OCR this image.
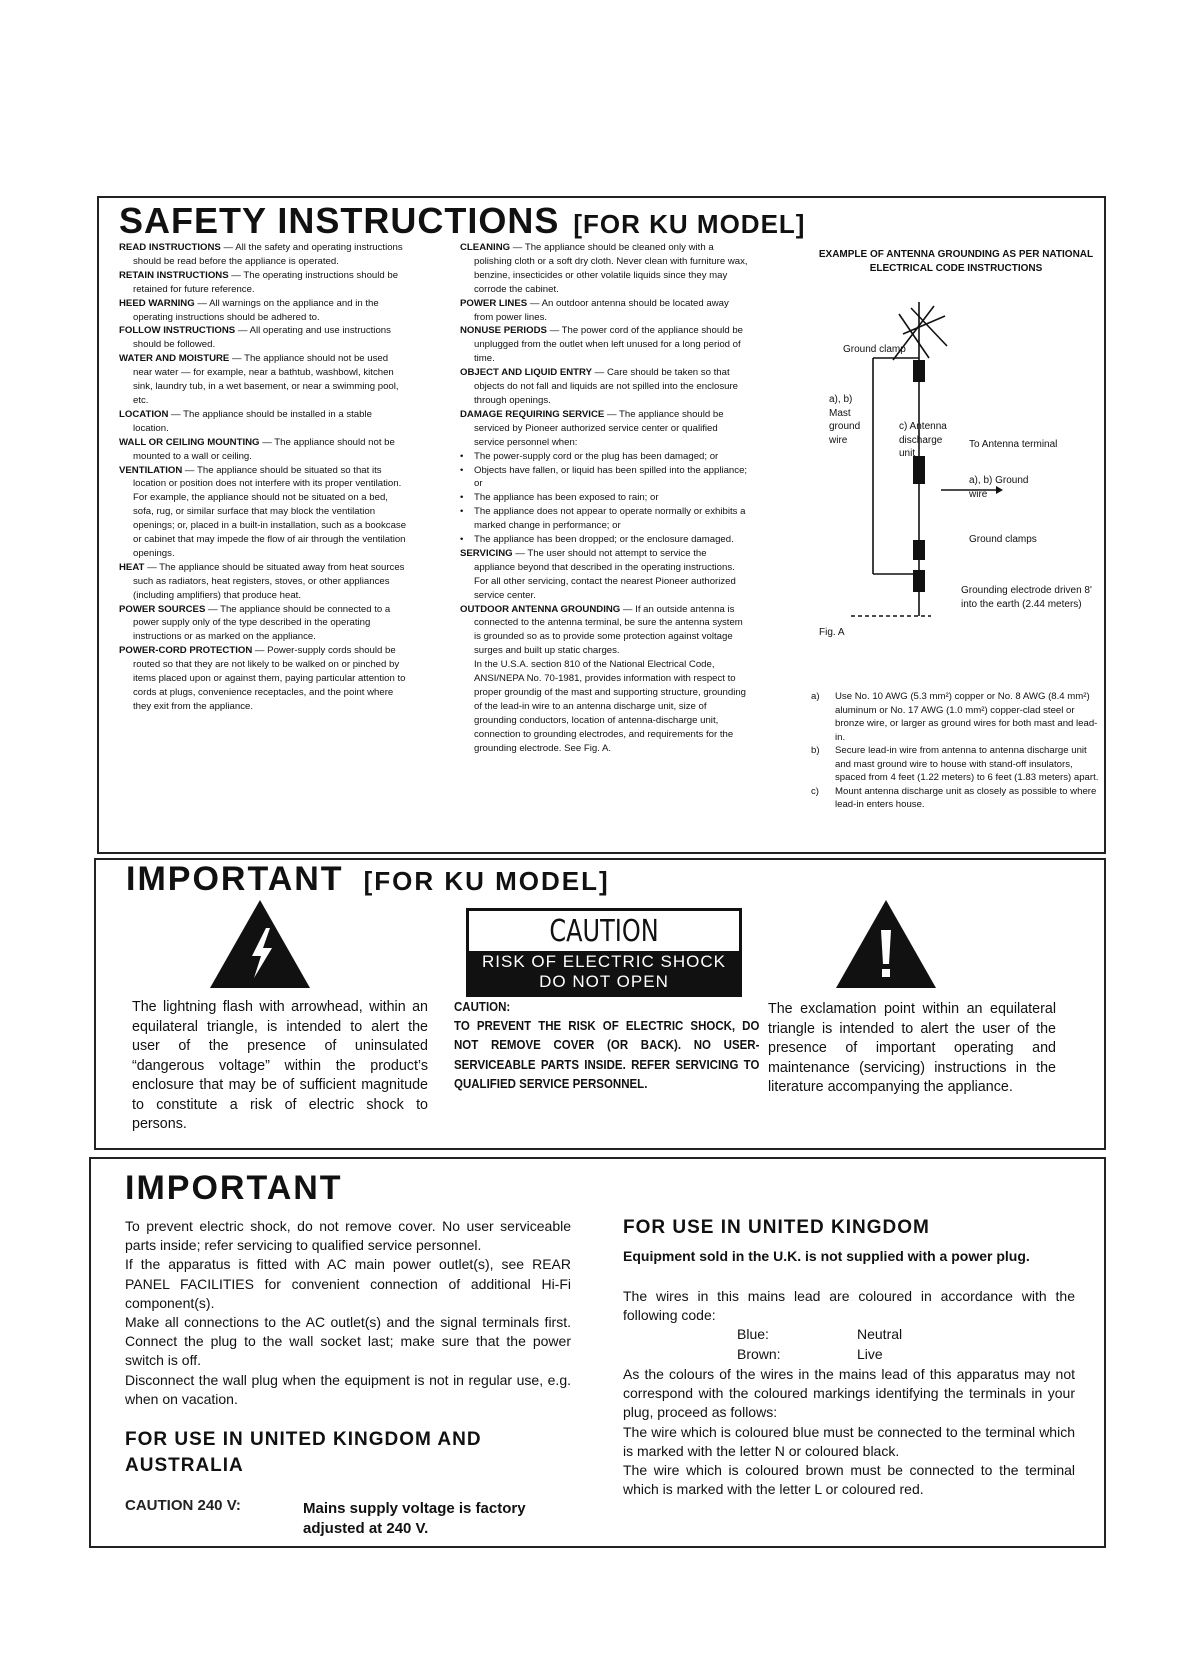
SAFETY INSTRUCTIONS [FOR KU MODEL]

READ INSTRUCTIONS — All the safety and operating instructions should be read before the appliance is operated.

RETAIN INSTRUCTIONS — The operating instructions should be retained for future reference.

HEED WARNING — All warnings on the appliance and in the operating instructions should be adhered to.

FOLLOW INSTRUCTIONS — All operating and use instructions should be followed.

WATER AND MOISTURE — The appliance should not be used near water — for example, near a bathtub, washbowl, kitchen sink, laundry tub, in a wet basement, or near a swimming pool, etc.

LOCATION — The appliance should be installed in a stable location.

WALL OR CEILING MOUNTING — The appliance should not be mounted to a wall or ceiling.

VENTILATION — The appliance should be situated so that its location or position does not interfere with its proper ventilation. For example, the appliance should not be situated on a bed, sofa, rug, or similar surface that may block the ventilation openings; or, placed in a built-in installation, such as a bookcase or cabinet that may impede the flow of air through the ventilation openings.

HEAT — The appliance should be situated away from heat sources such as radiators, heat registers, stoves, or other appliances (including amplifiers) that produce heat.

POWER SOURCES — The appliance should be connected to a power supply only of the type described in the operating instructions or as marked on the appliance.

POWER-CORD PROTECTION — Power-supply cords should be routed so that they are not likely to be walked on or pinched by items placed upon or against them, paying particular attention to cords at plugs, convenience receptacles, and the point where they exit from the appliance.

CLEANING — The appliance should be cleaned only with a polishing cloth or a soft dry cloth. Never clean with furniture wax, benzine, insecticides or other volatile liquids since they may corrode the cabinet.

POWER LINES — An outdoor antenna should be located away from power lines.

NONUSE PERIODS — The power cord of the appliance should be unplugged from the outlet when left unused for a long period of time.

OBJECT AND LIQUID ENTRY — Care should be taken so that objects do not fall and liquids are not spilled into the enclosure through openings.

DAMAGE REQUIRING SERVICE — The appliance should be serviced by Pioneer authorized service center or qualified service personnel when:

• The power-supply cord or the plug has been damaged; or

• Objects have fallen, or liquid has been spilled into the appliance; or

• The appliance has been exposed to rain; or

• The appliance does not appear to operate normally or exhibits a marked change in performance; or

• The appliance has been dropped; or the enclosure damaged.

SERVICING — The user should not attempt to service the appliance beyond that described in the operating instructions. For all other servicing, contact the nearest Pioneer authorized service center.

OUTDOOR ANTENNA GROUNDING — If an outside antenna is connected to the antenna terminal, be sure the antenna system is grounded so as to provide some protection against voltage surges and built up static charges.

In the U.S.A. section 810 of the National Electrical Code, ANSI/NEPA No. 70-1981, provides information with respect to proper groundig of the mast and supporting structure, grounding of the lead-in wire to an antenna discharge unit, size of grounding conductors, location of antenna-discharge unit, connection to grounding electrodes, and requirements for the grounding electrode. See Fig. A.

EXAMPLE OF ANTENNA GROUNDING AS PER NATIONAL ELECTRICAL CODE INSTRUCTIONS
Ground clamp
a), b) Mast ground wire
c) Antenna discharge unit
To Antenna terminal
a), b) Ground wire
Ground clamps
Grounding electrode driven 8' into the earth (2.44 meters)
Fig. A

a) Use No. 10 AWG (5.3 mm²) copper or No. 8 AWG (8.4 mm²) aluminum or No. 17 AWG (1.0 mm²) copper-clad steel or bronze wire, or larger as ground wires for both mast and lead-in.

b) Secure lead-in wire from antenna to antenna discharge unit and mast ground wire to house with stand-off insulators, spaced from 4 feet (1.22 meters) to 6 feet (1.83 meters) apart.

c) Mount antenna discharge unit as closely as possible to where lead-in enters house.

IMPORTANT [FOR KU MODEL]
CAUTION
RISK OF ELECTRIC SHOCK
DO NOT OPEN
The lightning flash with arrowhead, within an equilateral triangle, is intended to alert the user of the presence of uninsulated “dangerous voltage” within the product’s enclosure that may be of sufficient magnitude to constitute a risk of electric shock to persons.
CAUTION:
TO PREVENT THE RISK OF ELECTRIC SHOCK, DO NOT REMOVE COVER (OR BACK). NO USER-SERVICEABLE PARTS INSIDE. REFER SERVICING TO QUALIFIED SERVICE PERSONNEL.
The exclamation point within an equilateral triangle is intended to alert the user of the presence of important operating and maintenance (servicing) instructions in the literature accompanying the appliance.
IMPORTANT
To prevent electric shock, do not remove cover. No user serviceable parts inside; refer servicing to qualified service personnel.
If the apparatus is fitted with AC main power outlet(s), see REAR PANEL FACILITIES for convenient connection of additional Hi-Fi component(s).
Make all connections to the AC outlet(s) and the signal terminals first. Connect the plug to the wall socket last; make sure that the power switch is off.
Disconnect the wall plug when the equipment is not in regular use, e.g. when on vacation.
FOR USE IN UNITED KINGDOM AND AUSTRALIA
CAUTION 240 V:	Mains supply voltage is factory adjusted at 240 V.
FOR USE IN UNITED KINGDOM
Equipment sold in the U.K. is not supplied with a power plug.
The wires in this mains lead are coloured in accordance with the following code:
Blue:	Neutral
Brown:	Live
As the colours of the wires in the mains lead of this apparatus may not correspond with the coloured markings identifying the terminals in your plug, proceed as follows:
The wire which is coloured blue must be connected to the terminal which is marked with the letter N or coloured black.
The wire which is coloured brown must be connected to the terminal which is marked with the letter L or coloured red.
